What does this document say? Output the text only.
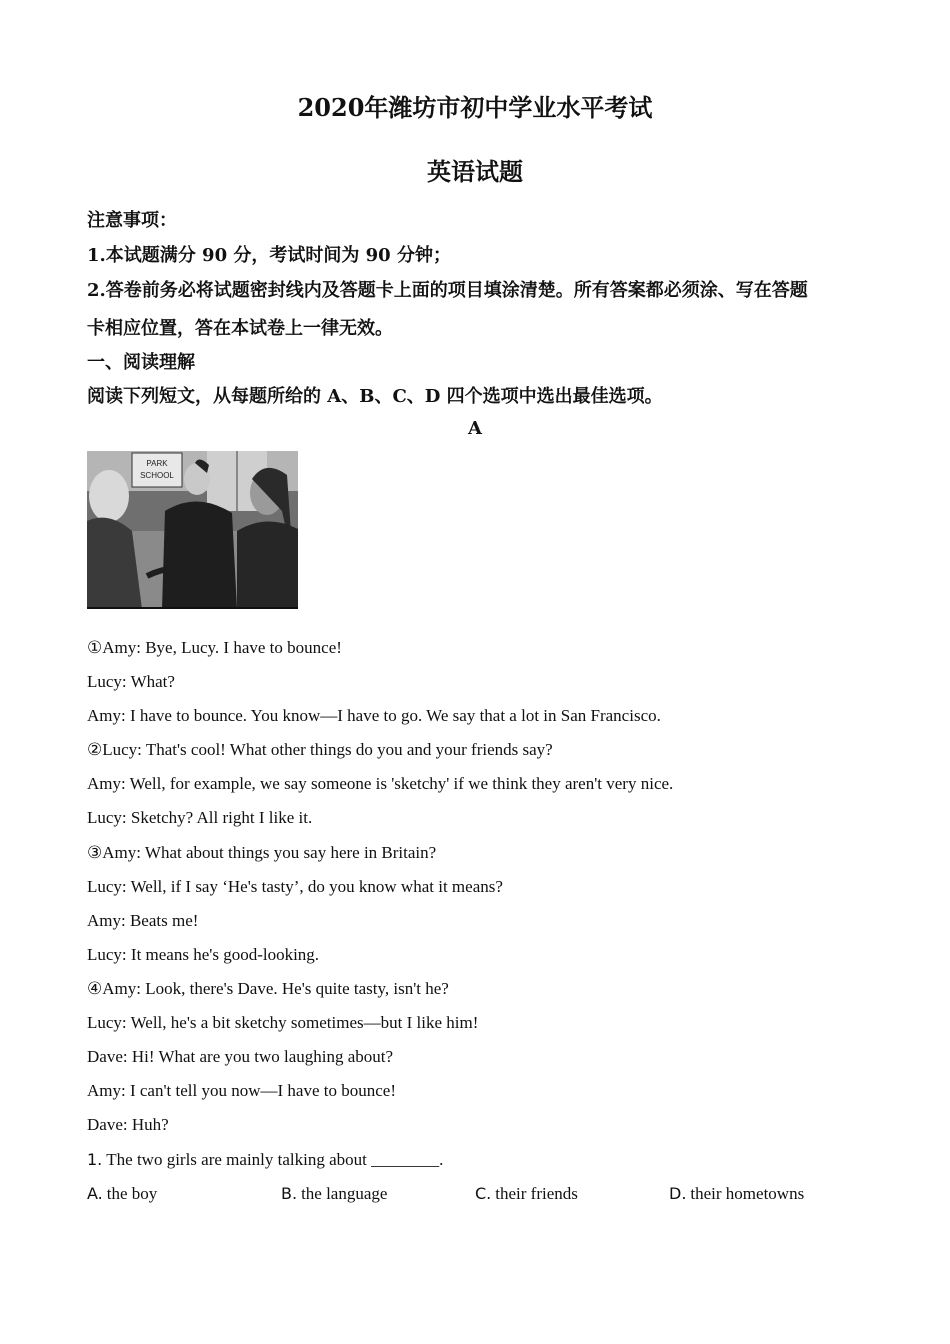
2020年潍坊市初中学业水平考试
英语试题
注意事项：
1.本试题满分 90 分，考试时间为 90 分钟；
2.答卷前务必将试题密封线内及答题卡上面的项目填涂清楚。所有答案都必须涂、写在答题
卡相应位置，答在本试卷上一律无效。
一、阅读理解
阅读下列短文，从每题所给的 A、B、C、D 四个选项中选出最佳选项。
A
PARK
SCHOOL
①Amy: Bye, Lucy. I have to bounce!
Lucy: What?
Amy: I have to bounce. You know—I have to go. We say that a lot in San Francisco.
②Lucy: That's cool! What other things do you and your friends say?
Amy: Well, for example, we say someone is 'sketchy' if we think they aren't very nice.
Lucy: Sketchy? All right I like it.
③Amy: What about things you say here in Britain?
Lucy: Well, if I say ‘He's tasty’, do you know what it means?
Amy: Beats me!
Lucy: It means he's good-looking.
④Amy: Look, there's Dave. He's quite tasty, isn't he?
Lucy: Well, he's a bit sketchy sometimes—but I like him!
Dave: Hi! What are you two laughing about?
Amy: I can't tell you now—I have to bounce!
Dave: Huh?
1. The two girls are mainly talking about ________.
A. the boy	B. the language	C. their friends	D. their hometowns
